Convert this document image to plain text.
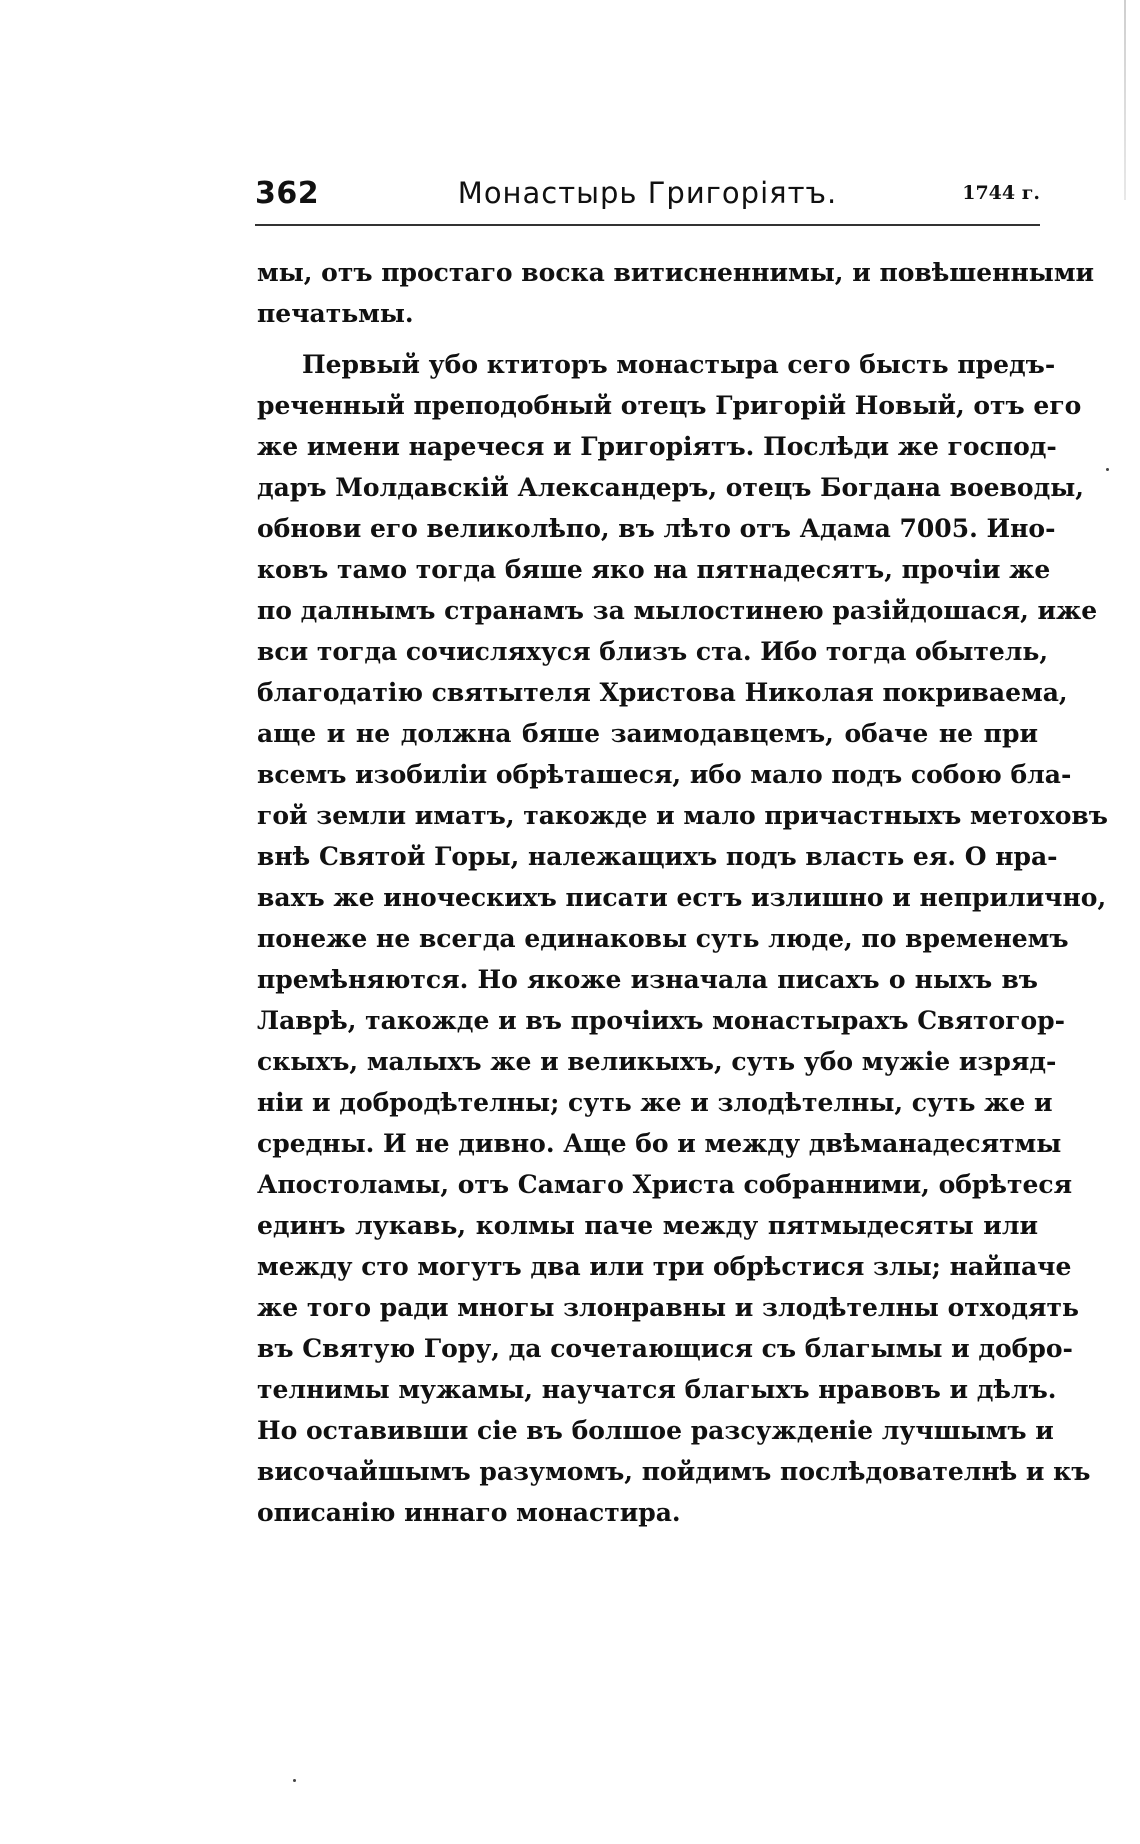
362	Монастырь Григоріятъ.	1744 г.
мы, отъ простаго воска витисненнимы, и повѣшенными
печатьмы.
Первый убо ктиторъ монастыра сего бысть предъ-
реченный преподобный отецъ Григорій Новый, отъ его
же имени наречеся и Григоріятъ. Послѣди же господ-
даръ Молдавскій Александеръ, отецъ Богдана воеводы,
обнови его великолѣпо, въ лѣто отъ Адама 7005. Ино-
ковъ тамо тогда бяше яко на пятнадесятъ, прочіи же
по далнымъ странамъ за мылостинею разійдошася, иже
вси тогда сочисляхуся близъ ста. Ибо тогда обытель,
благодатію святытеля Христова Николая покриваема,
аще и не должна бяше заимодавцемъ, обаче не при
всемъ изобиліи обрѣташеся, ибо мало подъ собою бла-
гой земли иматъ, такожде и мало причастныхъ метоховъ
внѣ Святой Горы, належащихъ подъ власть ея. О нра-
вахъ же иноческихъ писати естъ излишно и неприлично,
понеже не всегда единаковы суть люде, по временемъ
премѣняются. Но якоже изначала писахъ о ныхъ въ
Лаврѣ, такожде и въ прочіихъ монастырахъ Святогор-
скыхъ, малыхъ же и великыхъ, суть убо мужіе изряд-
ніи и добродѣтелны; суть же и злодѣтелны, суть же и
средны. И не дивно. Аще бо и между двѣманадесятмы
Апостоламы, отъ Самаго Христа собранними, обрѣтеся
единъ лукавь, колмы паче между пятмыдесяты или
между сто могутъ два или три обрѣстися злы; найпаче
же того ради многы злонравны и злодѣтелны отходять
въ Святую Гору, да сочетающися съ благымы и добро-
телнимы мужамы, научатся благыхъ нравовъ и дѣлъ.
Но оставивши сіе въ болшое разсужденіе лучшымъ и
височайшымъ разумомъ, пойдимъ послѣдователнѣ и къ
описанію иннаго монастира.
